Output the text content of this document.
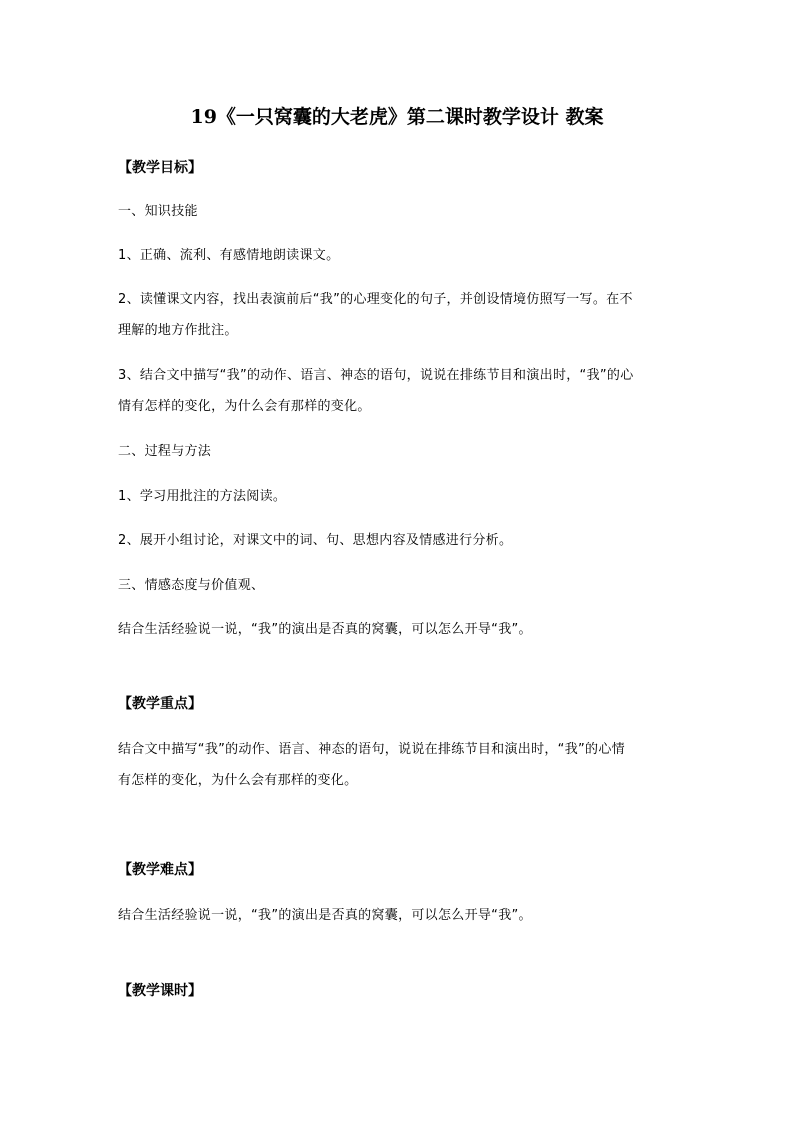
19《一只窝囊的大老虎》第二课时教学设计 教案
【教学目标】
一、知识技能
1、正确、流利、有感情地朗读课文。
2、读懂课文内容，找出表演前后“我”的心理变化的句子，并创设情境仿照写一写。在不
理解的地方作批注。
3、结合文中描写“我”的动作、语言、神态的语句，说说在排练节目和演出时，“我”的心
情有怎样的变化，为什么会有那样的变化。
二、过程与方法
1、学习用批注的方法阅读。
2、展开小组讨论，对课文中的词、句、思想内容及情感进行分析。
三、情感态度与价值观、
结合生活经验说一说，“我”的演出是否真的窝囊，可以怎么开导“我”。
【教学重点】
结合文中描写“我”的动作、语言、神态的语句，说说在排练节目和演出时，“我”的心情
有怎样的变化，为什么会有那样的变化。
【教学难点】
结合生活经验说一说，“我”的演出是否真的窝囊，可以怎么开导“我”。
【教学课时】
